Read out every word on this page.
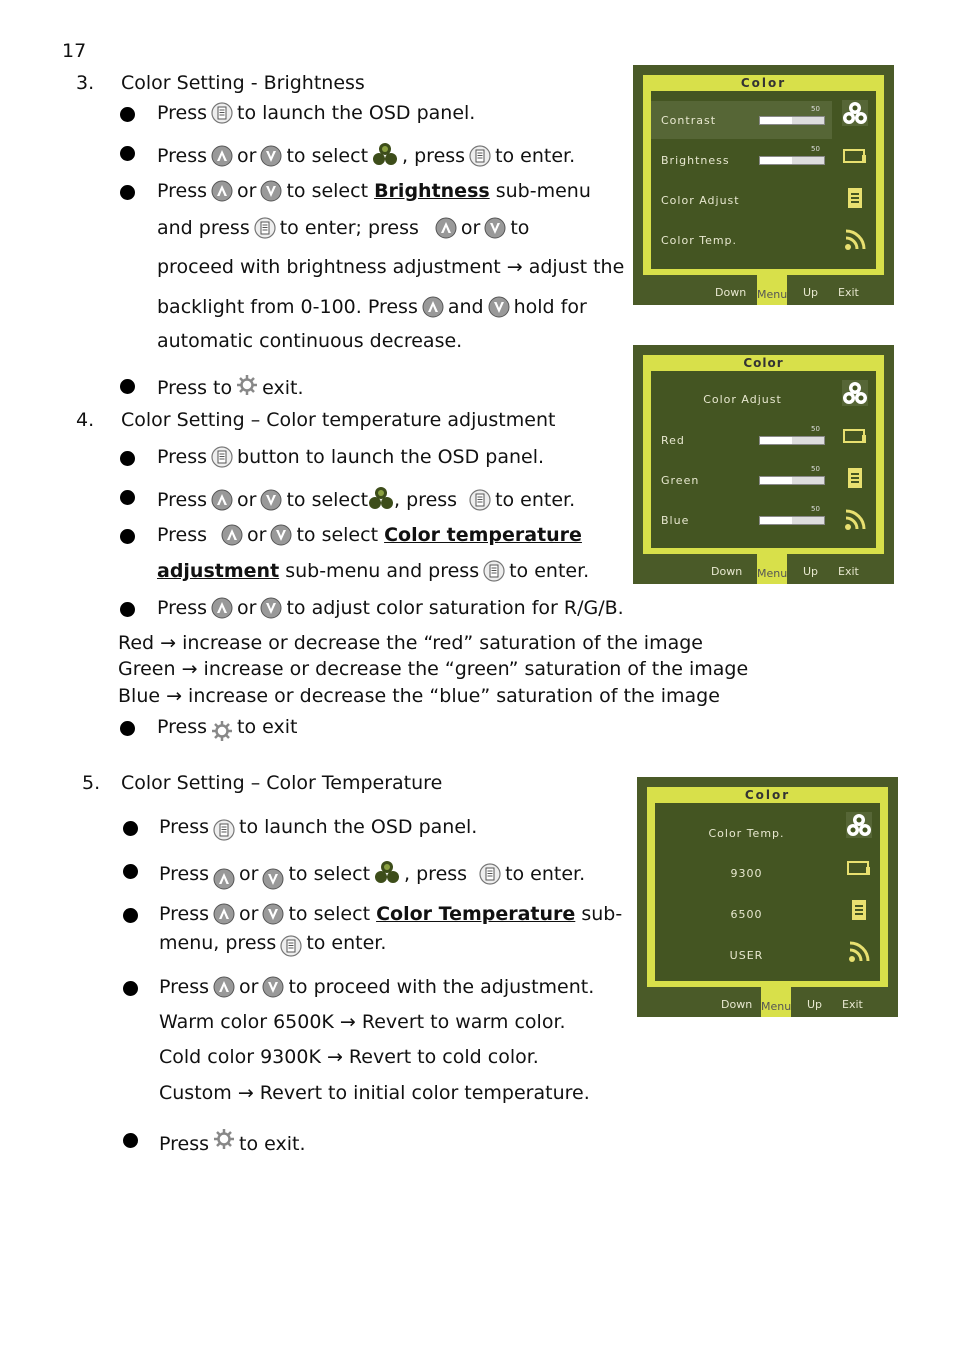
17
3. Color Setting - Brightness
Press to launch the OSD panel.
Press or to select , press to enter.
Press or to select Brightness sub-menu
and press to enter; press or to
proceed with brightness adjustment → adjust the
backlight from 0-100. Press and hold for
automatic continuous decrease.
Press to exit.
4. Color Setting – Color temperature adjustment
Press button to launch the OSD panel.
Press or to select , press to enter.
Press or to select Color temperature
adjustment sub-menu and press to enter.
Press or to adjust color saturation for R/G/B.
Red → increase or decrease the “red” saturation of the image
Green → increase or decrease the “green” saturation of the image
Blue → increase or decrease the “blue” saturation of the image
Press to exit
5. Color Setting – Color Temperature
Press to launch the OSD panel.
Press or to select , press to enter.
Press or to select Color Temperature sub-
menu, press to enter.
Press or to proceed with the adjustment.
Warm color 6500K → Revert to warm color.
Cold color 9300K → Revert to cold color.
Custom → Revert to initial color temperature.
Press to exit.
Color
Contrast
50
Brightness
50
Color Adjust
Color Temp.
Down Menu Up Exit
Color
Color Adjust
Red
50
Green
50
Blue
50
Down Menu Up Exit
Color
Color Temp.
9300
6500
USER
Down Menu Up Exit
